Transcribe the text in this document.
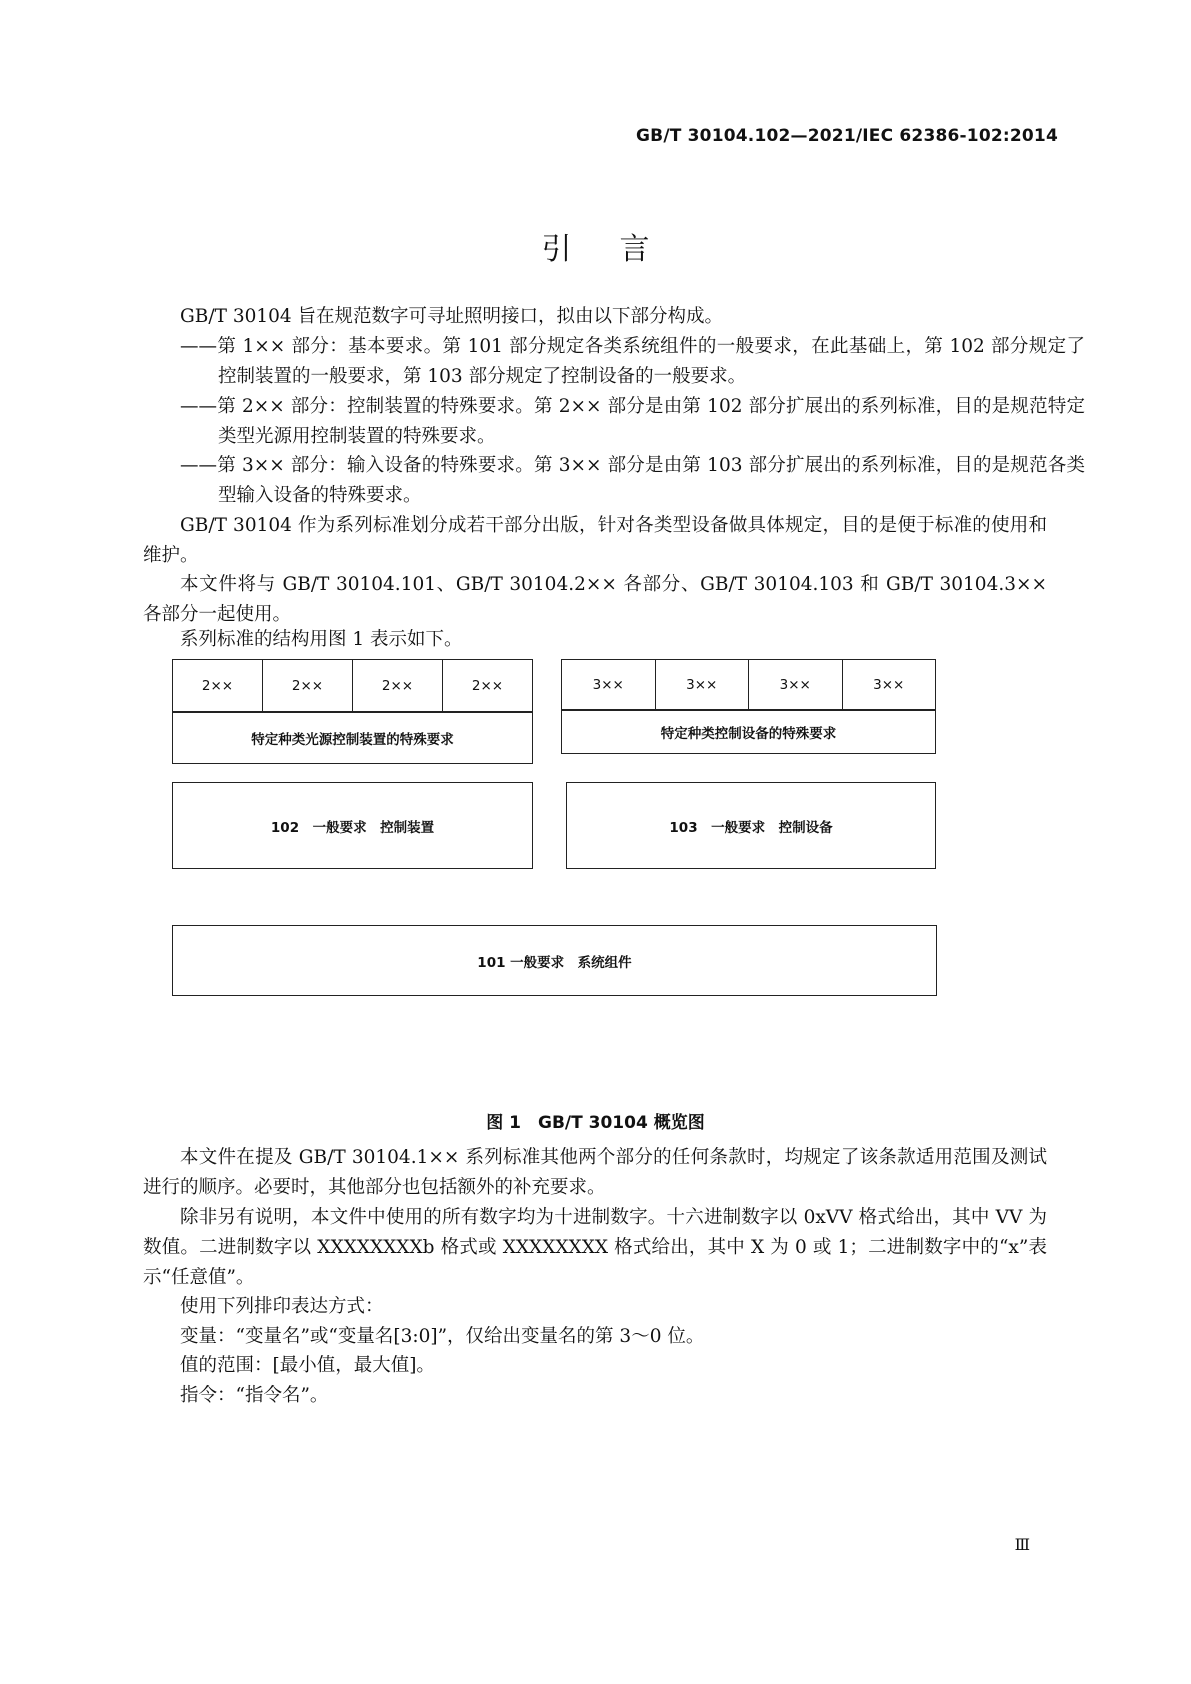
GB/T 30104.102—2021/IEC 62386-102:2014
引言
GB/T 30104 旨在规范数字可寻址照明接口，拟由以下部分构成。
——第 1×× 部分：基本要求。第 101 部分规定各类系统组件的一般要求，在此基础上，第 102 部分规定了控制装置的一般要求，第 103 部分规定了控制设备的一般要求。
——第 2×× 部分：控制装置的特殊要求。第 2×× 部分是由第 102 部分扩展出的系列标准，目的是规范特定类型光源用控制装置的特殊要求。
——第 3×× 部分：输入设备的特殊要求。第 3×× 部分是由第 103 部分扩展出的系列标准，目的是规范各类型输入设备的特殊要求。
GB/T 30104 作为系列标准划分成若干部分出版，针对各类型设备做具体规定，目的是便于标准的使用和维护。
本文件将与 GB/T 30104.101、GB/T 30104.2×× 各部分、GB/T 30104.103 和 GB/T 30104.3×× 各部分一起使用。
系列标准的结构用图 1 表示如下。
2××	2××	2××	2××
特定种类光源控制装置的特殊要求
3××	3××	3××	3××
特定种类控制设备的特殊要求
102　一般要求　控制装置	103　一般要求　控制设备
101 一般要求　系统组件
图 1　GB/T 30104 概览图
本文件在提及 GB/T 30104.1×× 系列标准其他两个部分的任何条款时，均规定了该条款适用范围及测试进行的顺序。必要时，其他部分也包括额外的补充要求。
除非另有说明，本文件中使用的所有数字均为十进制数字。十六进制数字以 0xVV 格式给出，其中 VV 为数值。二进制数字以 XXXXXXXXb 格式或 XXXXXXXX 格式给出，其中 X 为 0 或 1；二进制数字中的“x”表示“任意值”。
使用下列排印表达方式：
变量：“变量名”或“变量名[3:0]”，仅给出变量名的第 3～0 位。
值的范围：[最小值，最大值]。
指令：“指令名”。
Ⅲ
